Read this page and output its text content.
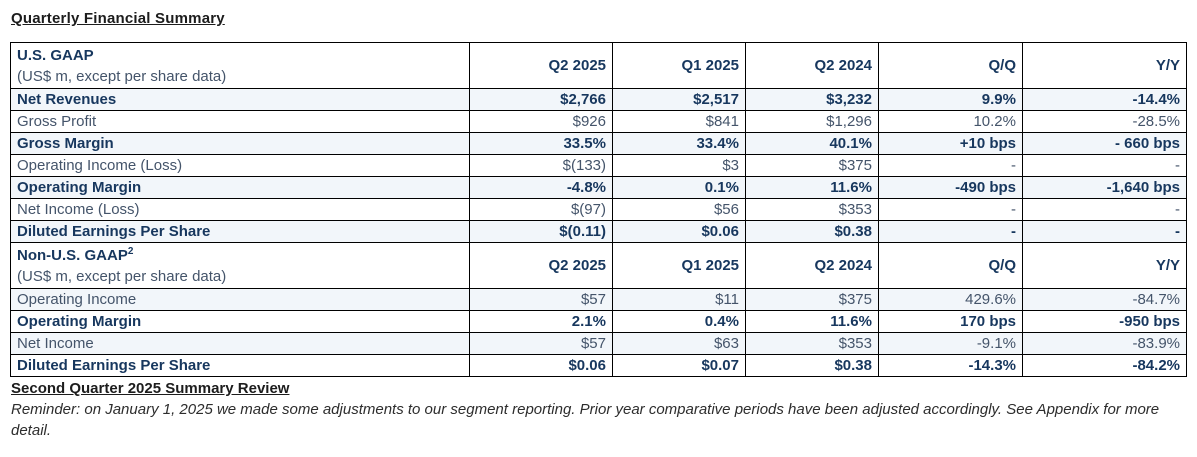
Quarterly Financial Summary
U.S. GAAP
(US$ m, except per share data)	Q2 2025	Q1 2025	Q2 2024	Q/Q	Y/Y
Net Revenues	$2,766	$2,517	$3,232	9.9%	-14.4%
Gross Profit	$926	$841	$1,296	10.2%	-28.5%
Gross Margin	33.5%	33.4%	40.1%	+10 bps	- 660 bps
Operating Income (Loss)	$(133)	$3	$375	-	-
Operating Margin	-4.8%	0.1%	11.6%	-490 bps	-1,640 bps
Net Income (Loss)	$(97)	$56	$353	-	-
Diluted Earnings Per Share	$(0.11)	$0.06	$0.38	-	-

Non-U.S. GAAP$^2$
(US$ m, except per share data)	Q2 2025	Q1 2025	Q2 2024	Q/Q	Y/Y
Operating Income	$57	$11	$375	429.6%	-84.7%
Operating Margin	2.1%	0.4%	11.6%	170 bps	-950 bps
Net Income	$57	$63	$353	-9.1%	-83.9%
Diluted Earnings Per Share	$0.06	$0.07	$0.38	-14.3%	-84.2%
Second Quarter 2025 Summary Review

Reminder: on January 1, 2025 we made some adjustments to our segment reporting. Prior year comparative periods have been adjusted accordingly. See Appendix for more detail.
